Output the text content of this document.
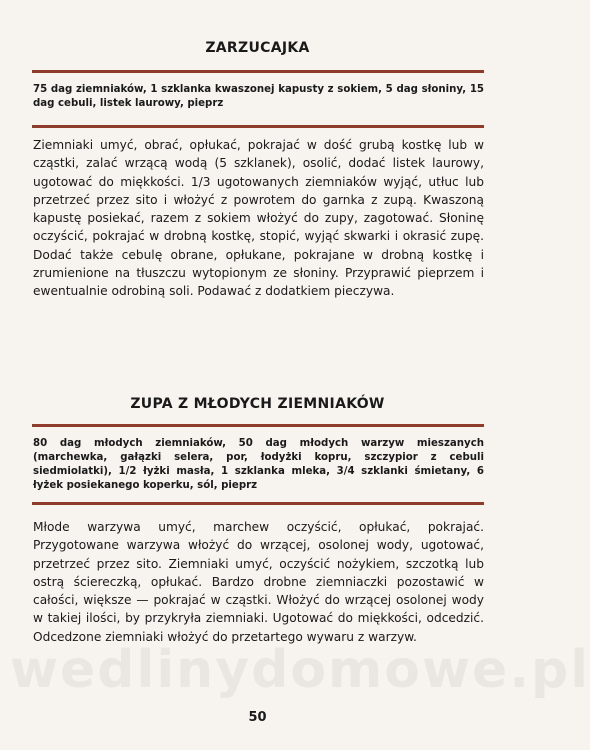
ZARZUCAJKA
75 dag ziemniaków, 1 szklanka kwaszonej kapusty z sokiem, 5 dag słoniny, 15 dag cebuli, listek laurowy, pieprz
Ziemniaki umyć, obrać, opłukać, pokrajać w dość grubą kostkę lub w cząstki, zalać wrzącą wodą (5 szklanek), osolić, dodać listek laurowy, ugotować do miękkości. 1/3 ugotowanych ziemniaków wyjąć, utłuc lub przetrzeć przez sito i włożyć z powrotem do garnka z zupą. Kwaszoną kapustę posiekać, razem z sokiem włożyć do zupy, zagotować. Słoninę oczyścić, pokrajać w drobną kostkę, stopić, wyjąć skwarki i okrasić zupę. Dodać także cebulę obrane, opłukane, pokrajane w drobną kostkę i zrumienione na tłuszczu wytopionym ze słoniny. Przyprawić pieprzem i ewentualnie odrobiną soli. Podawać z dodatkiem pieczywa.
ZUPA Z MŁODYCH ZIEMNIAKÓW
80 dag młodych ziemniaków, 50 dag młodych warzyw mieszanych (marchewka, gałązki selera, por, łodyżki kopru, szczypior z cebuli siedmiolatki), 1/2 łyżki masła, 1 szklanka mleka, 3/4 szklanki śmietany, 6 łyżek posiekanego koperku, sól, pieprz
Młode warzywa umyć, marchew oczyścić, opłukać, pokrajać. Przygotowane warzywa włożyć do wrzącej, osolonej wody, ugotować, przetrzeć przez sito. Ziemniaki umyć, oczyścić nożykiem, szczotką lub ostrą ściereczką, opłukać. Bardzo drobne ziemniaczki pozostawić w całości, większe — pokrajać w cząstki. Włożyć do wrzącej osolonej wody w takiej ilości, by przykryła ziemniaki. Ugotować do miękkości, odcedzić. Odcedzone ziemniaki włożyć do przetartego wywaru z warzyw.
wedlinydomowe.pl
50
